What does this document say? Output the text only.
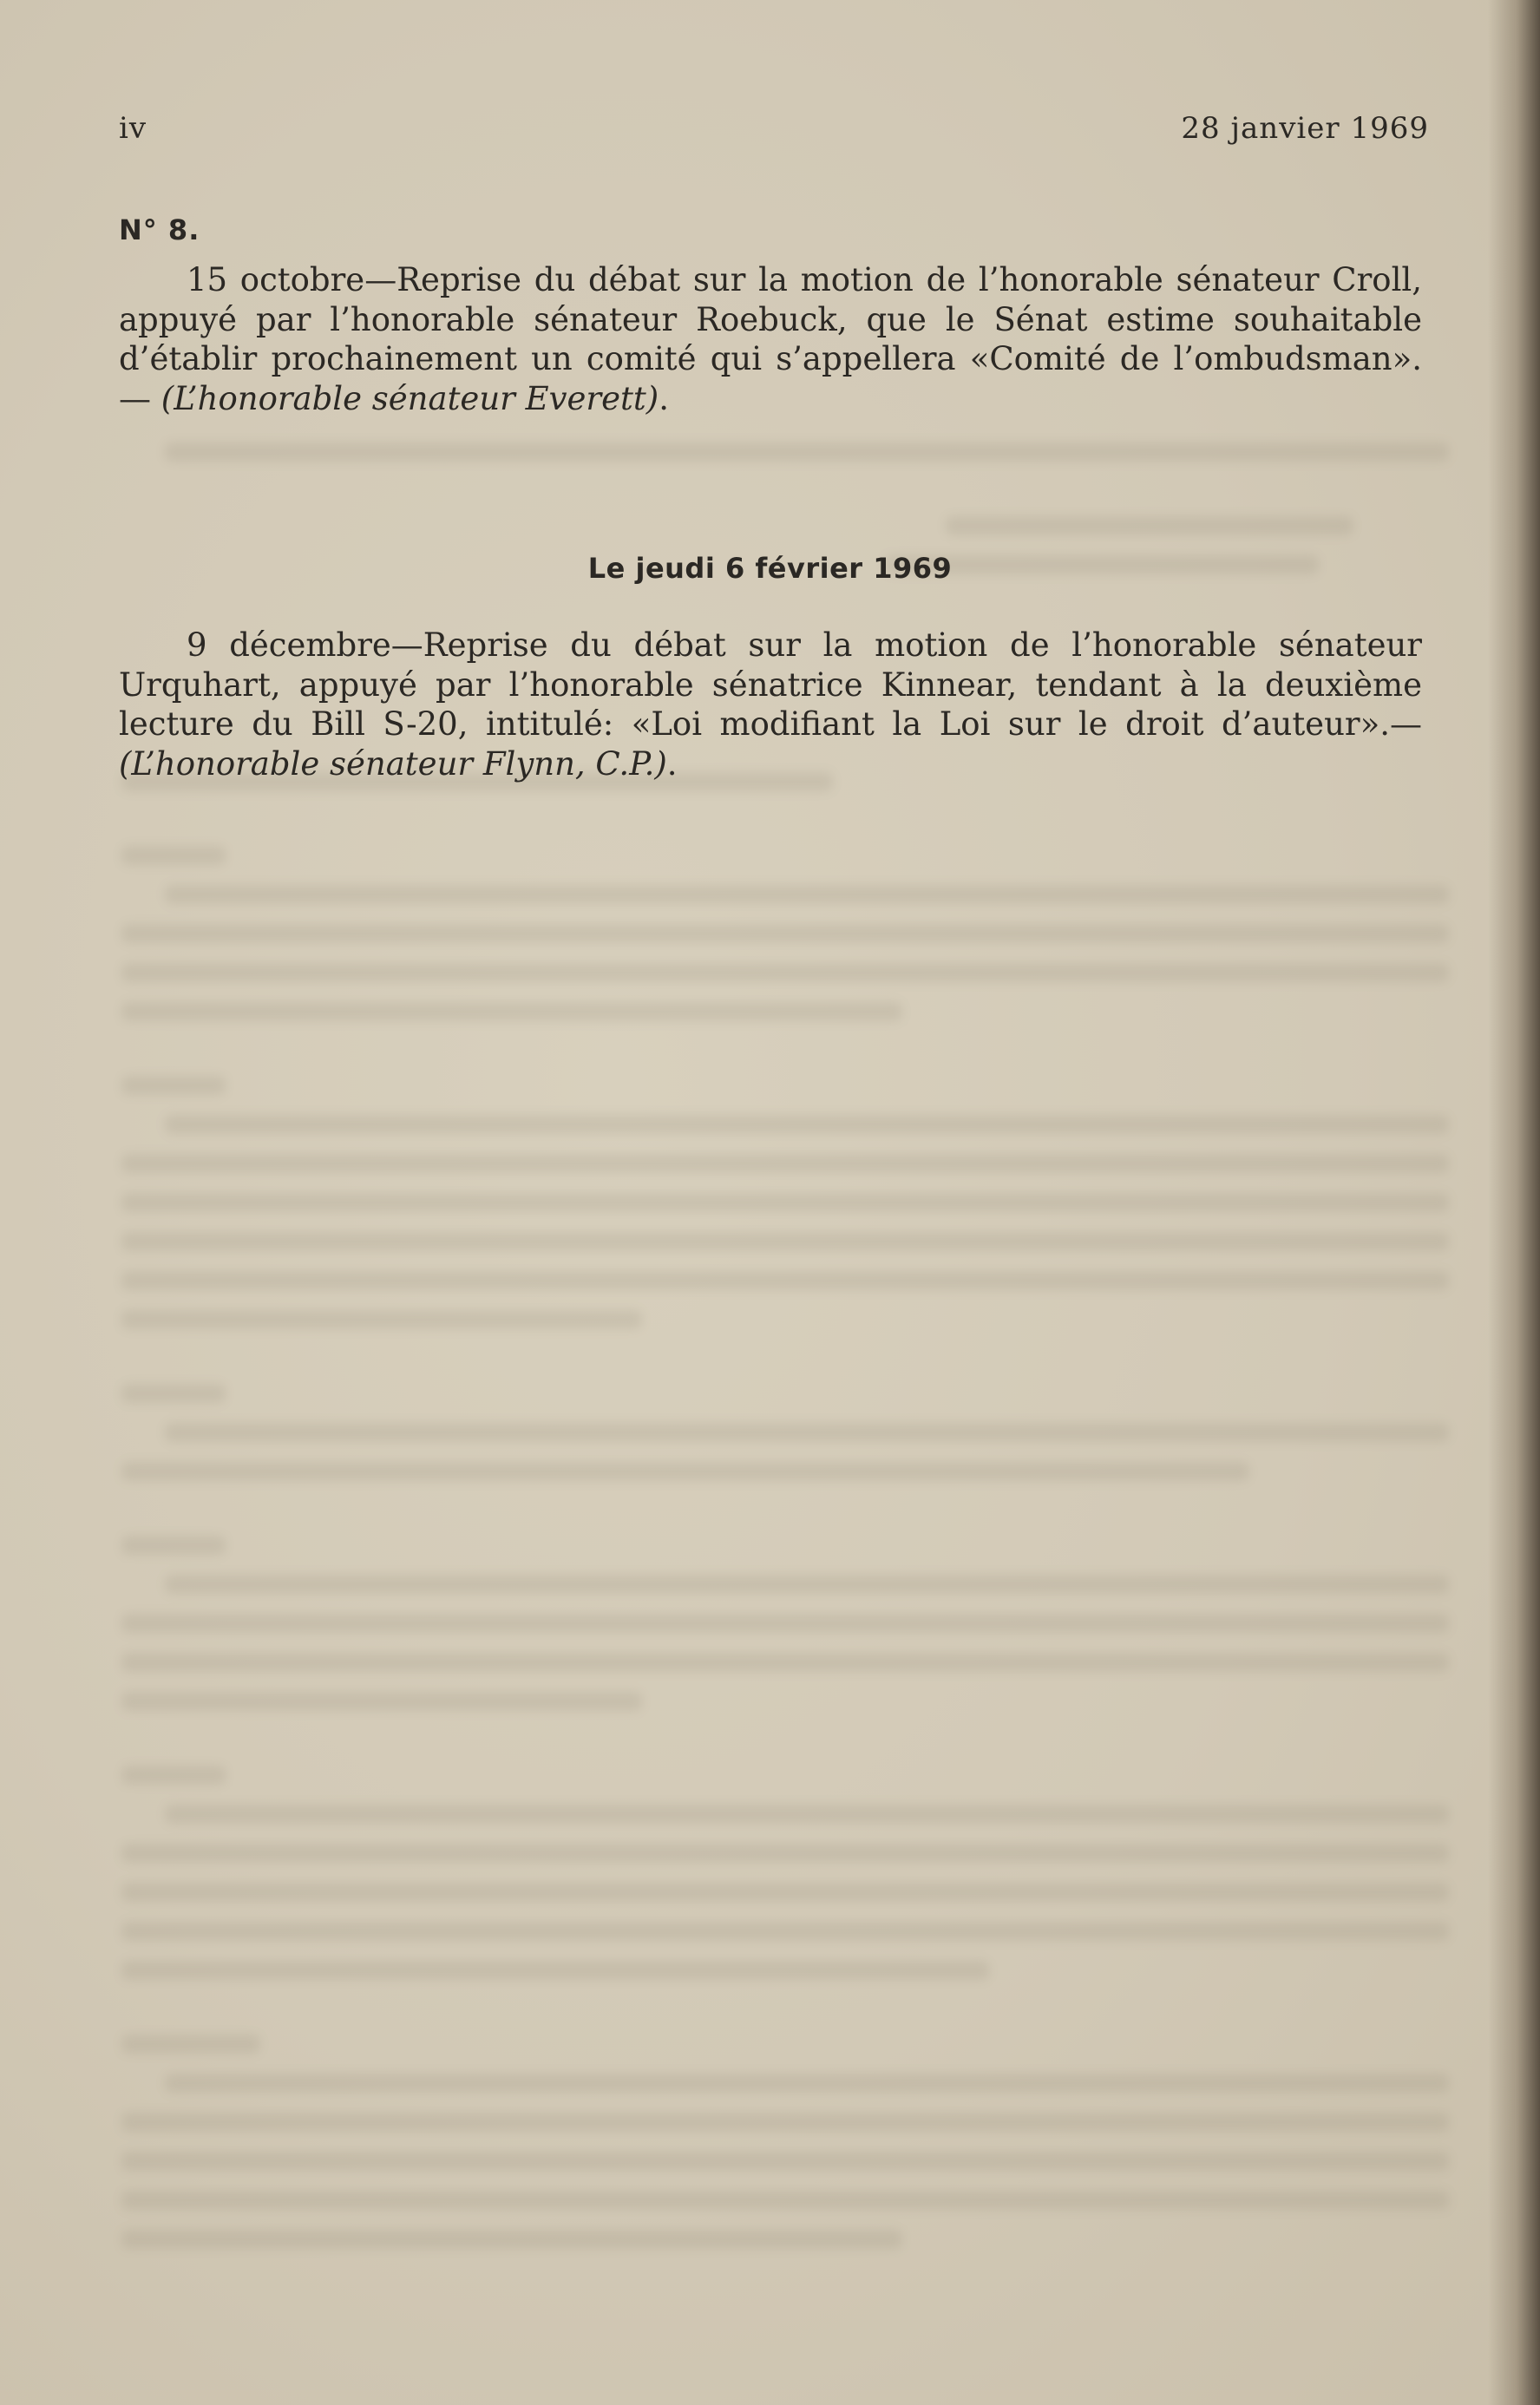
iv	28 janvier 1969
N° 8.
15 octobre—Reprise du débat sur la motion de l’honorable sénateur Croll, appuyé par l’honorable sénateur Roebuck, que le Sénat estime souhaitable d’établir prochainement un comité qui s’appellera «Comité de l’ombudsman».— (L’honorable sénateur Everett).
Le jeudi 6 février 1969
9 décembre—Reprise du débat sur la motion de l’honorable sénateur Urquhart, appuyé par l’honorable sénatrice Kinnear, tendant à la deuxième lecture du Bill S-20, intitulé: «Loi modifiant la Loi sur le droit d’auteur».— (L’honorable sénateur Flynn, C.P.).
